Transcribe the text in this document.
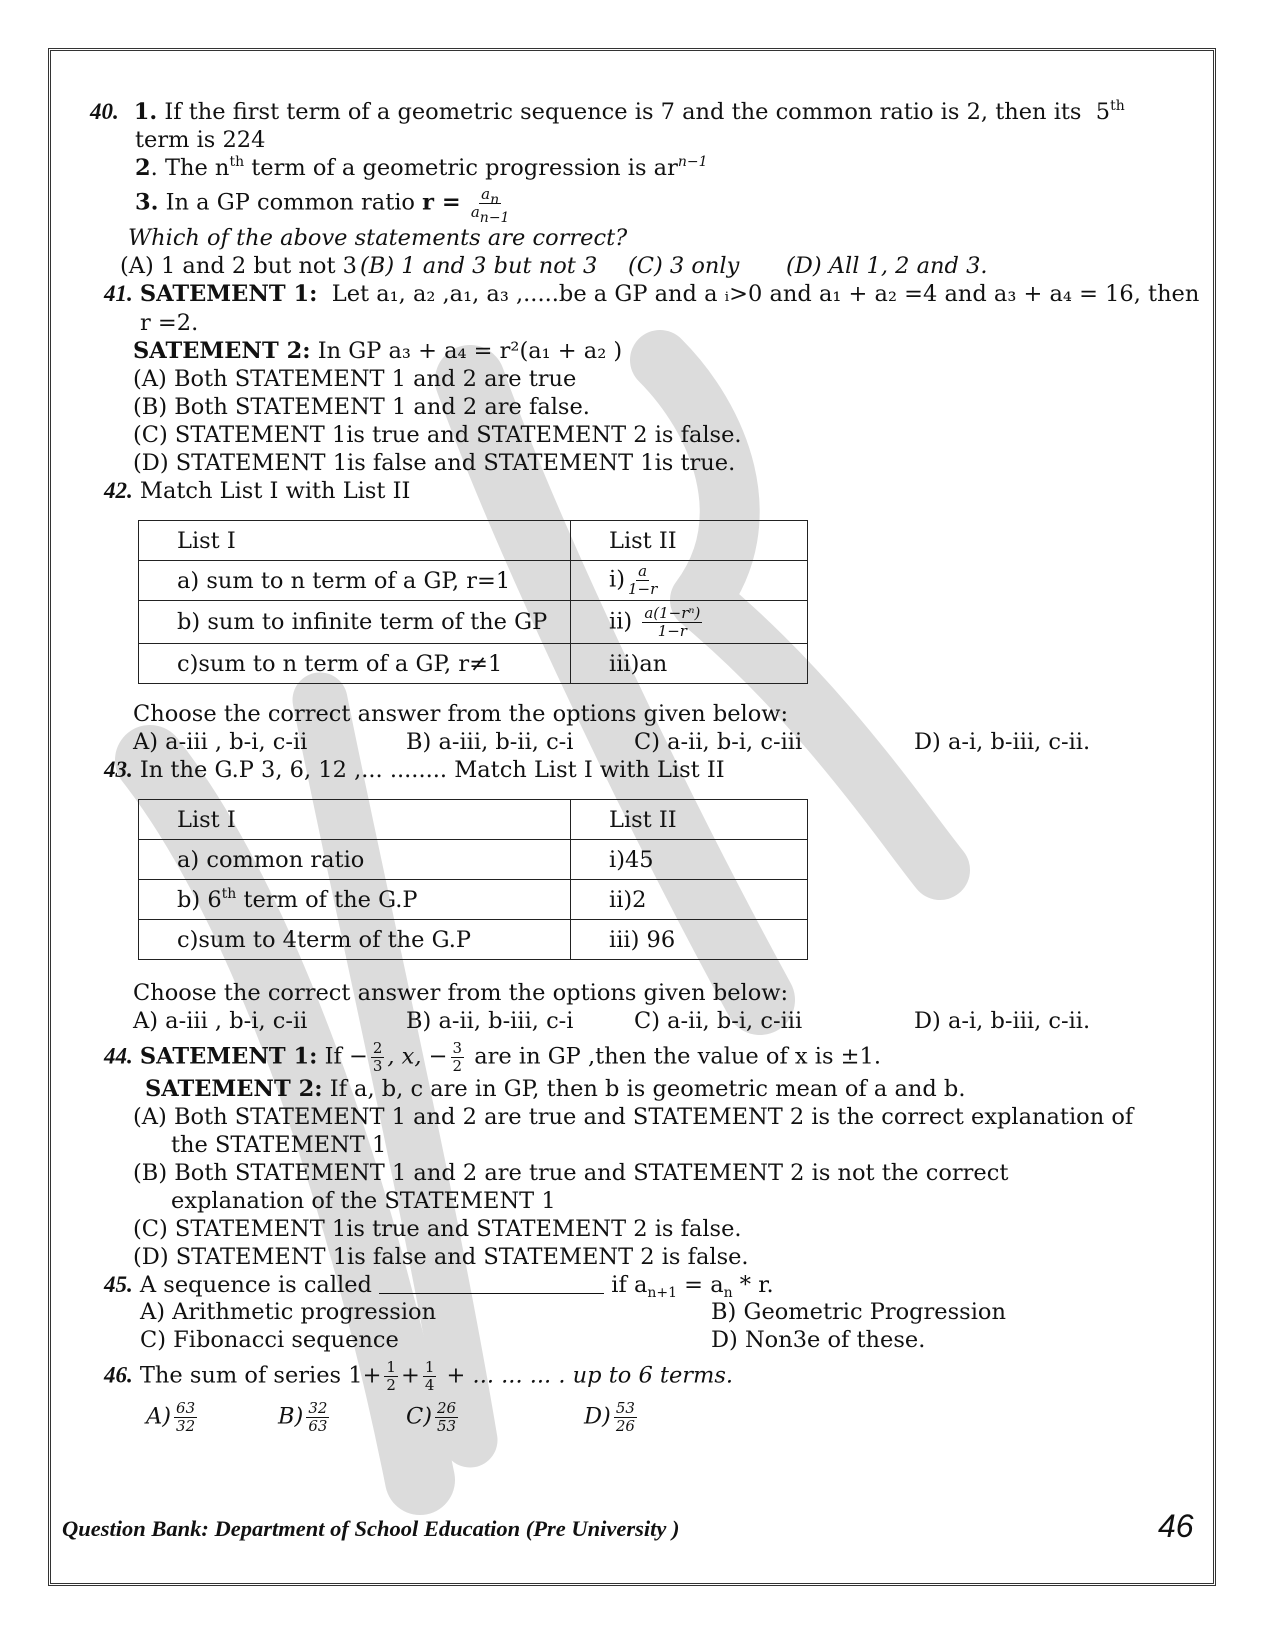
40.  1. If the first term of a geometric sequence is 7 and the common ratio is 2, then its 5th
term is 224
2. The $n^{th}$ term of a geometric progression is $ar^{n-1}$
3. In a GP common ratio $r = \frac{a_n}{a_{n-1}}$
Which of the above statements are correct?
(A) 1 and 2 but not 3 (B) 1 and 3 but not 3 (C) 3 only (D) All 1, 2 and 3.
41. SATEMENT 1: Let a₁, a₂ ,a₁, a₃ ,.....be a GP and a ᵢ>0 and a₁ + a₂ =4 and a₃ + a₄ = 16, then
r =2.
SATEMENT 2: In GP a₃ + a₄ = r²(a₁ + a₂ )
(A) Both STATEMENT 1 and 2 are true
(B) Both STATEMENT 1 and 2 are false.
(C) STATEMENT 1is true and STATEMENT 2 is false.
(D) STATEMENT 1is false and STATEMENT 1is true.
42. Match List I with List II
List I	List II
a) sum to n term of a GP, r=1	$i) \frac{a}{1-r}$

b) sum to infinite term of the GP	$ii) \frac{\text{a(1−rⁿ)}}{1-r}$

c)sum to n term of a GP, r≠1	iii)an
Choose the correct answer from the options given below:
A) a-iii , b-i, c-ii	B) a-iii, b-ii, c-i	C) a-ii, b-i, c-iii	D) a-i, b-iii, c-ii.
43. In the G.P 3, 6, 12 ,... ........ Match List I with List II
List I	List II
a) common ratio	i)45
b) 6th term of the G.P	ii)2
c)sum to 4term of the G.P	iii) 96
Choose the correct answer from the options given below:
A) a-iii , b-i, c-ii	B) a-ii, b-iii, c-i	C) a-ii, b-i, c-iii	D) a-i, b-iii, c-ii.
44. SATEMENT 1: $If - \frac{2}{3}$ , x, − $\frac{3}{2}$ are in GP ,then the value of x is ±1.
SATEMENT 2: If a, b, c are in GP, then b is geometric mean of a and b.
(A) Both STATEMENT 1 and 2 are true and STATEMENT 2 is the correct explanation of
the STATEMENT 1
(B) Both STATEMENT 1 and 2 are true and STATEMENT 2 is not the correct
explanation of the STATEMENT 1
(C) STATEMENT 1is true and STATEMENT 2 is false.
(D) STATEMENT 1is false and STATEMENT 2 is false.
45. A sequence is called	if $a_{n+1} = a_n * r$.
A) Arithmetic progression	B) Geometric Progression
C) Fibonacci sequence	D) Non3e of these.
46. The sum of series $1+ \frac{1}{2} + \frac{1}{4}$ + ... ... ... . up to 6 terms.
$A) \frac{63}{32}$	$B) \frac{32}{63}$	$C) \frac{26}{53}$	$D) \frac{53}{26}$
Question Bank: Department of School Education (Pre University )	46
